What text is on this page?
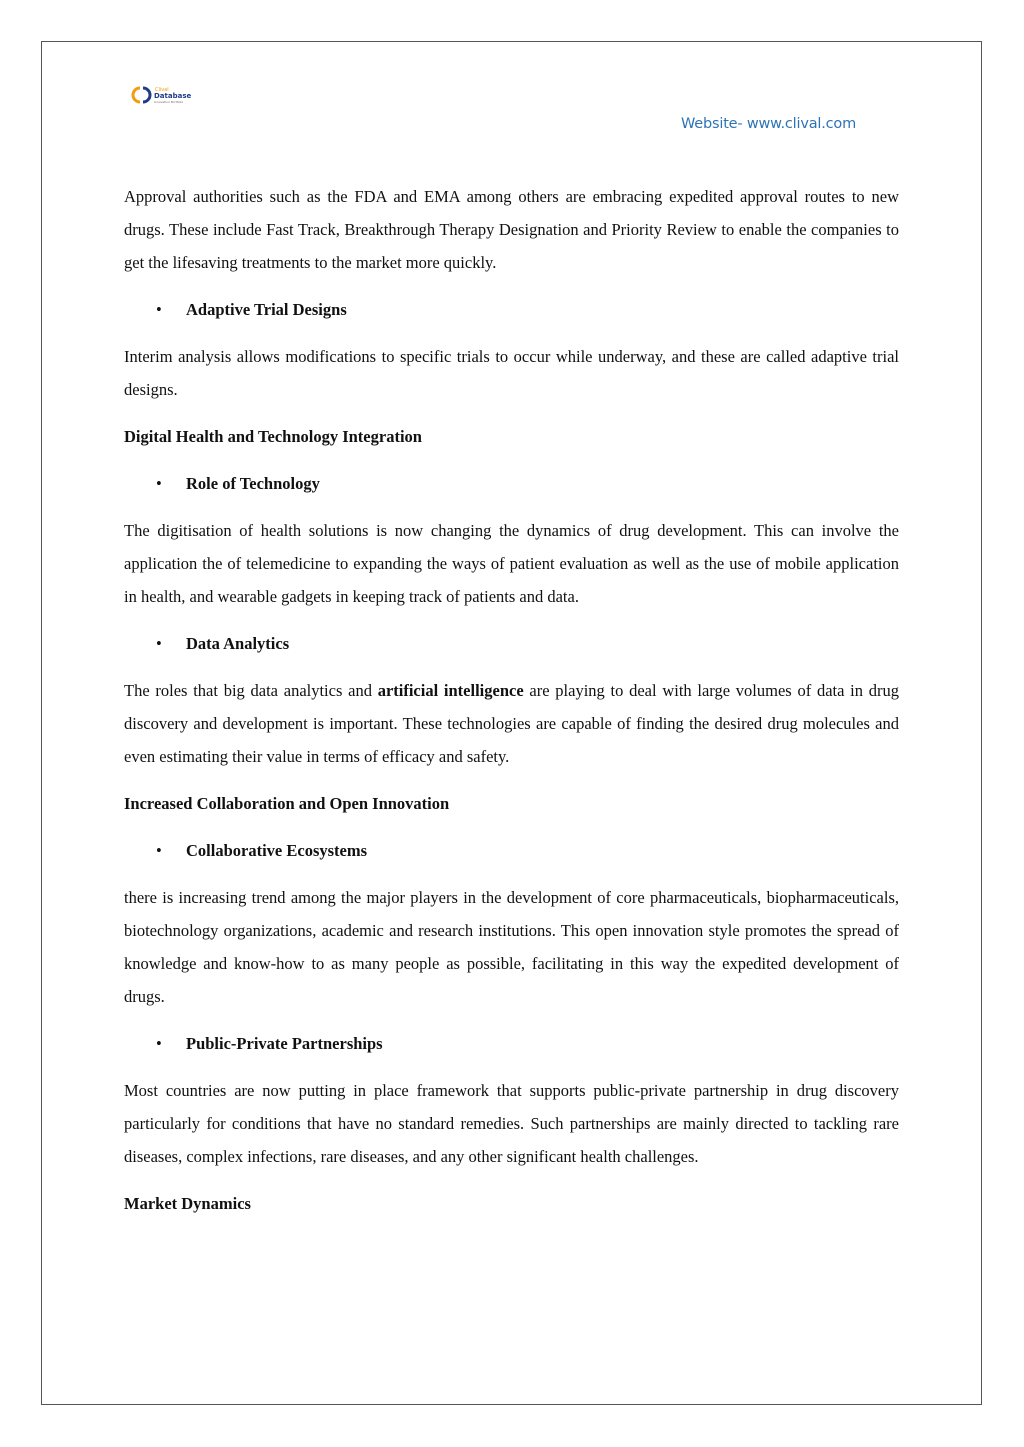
Clival
Database
Innovation Portfolio
Website- www.clival.com

Approval authorities such as the FDA and EMA among others are embracing expedited approval routes to new drugs. These include Fast Track, Breakthrough Therapy Designation and Priority Review to enable the companies to get the lifesaving treatments to the market more quickly.

• Adaptive Trial Designs

Interim analysis allows modifications to specific trials to occur while underway, and these are called adaptive trial designs.

Digital Health and Technology Integration

• Role of Technology

The digitisation of health solutions is now changing the dynamics of drug development. This can involve the application the of telemedicine to expanding the ways of patient evaluation as well as the use of mobile application in health, and wearable gadgets in keeping track of patients and data.

• Data Analytics

The roles that big data analytics and artificial intelligence are playing to deal with large volumes of data in drug discovery and development is important. These technologies are capable of finding the desired drug molecules and even estimating their value in terms of efficacy and safety.

Increased Collaboration and Open Innovation

• Collaborative Ecosystems

there is increasing trend among the major players in the development of core pharmaceuticals, biopharmaceuticals, biotechnology organizations, academic and research institutions. This open innovation style promotes the spread of knowledge and know-how to as many people as possible, facilitating in this way the expedited development of drugs.

• Public-Private Partnerships

Most countries are now putting in place framework that supports public-private partnership in drug discovery particularly for conditions that have no standard remedies. Such partnerships are mainly directed to tackling rare diseases, complex infections, rare diseases, and any other significant health challenges.

Market Dynamics
